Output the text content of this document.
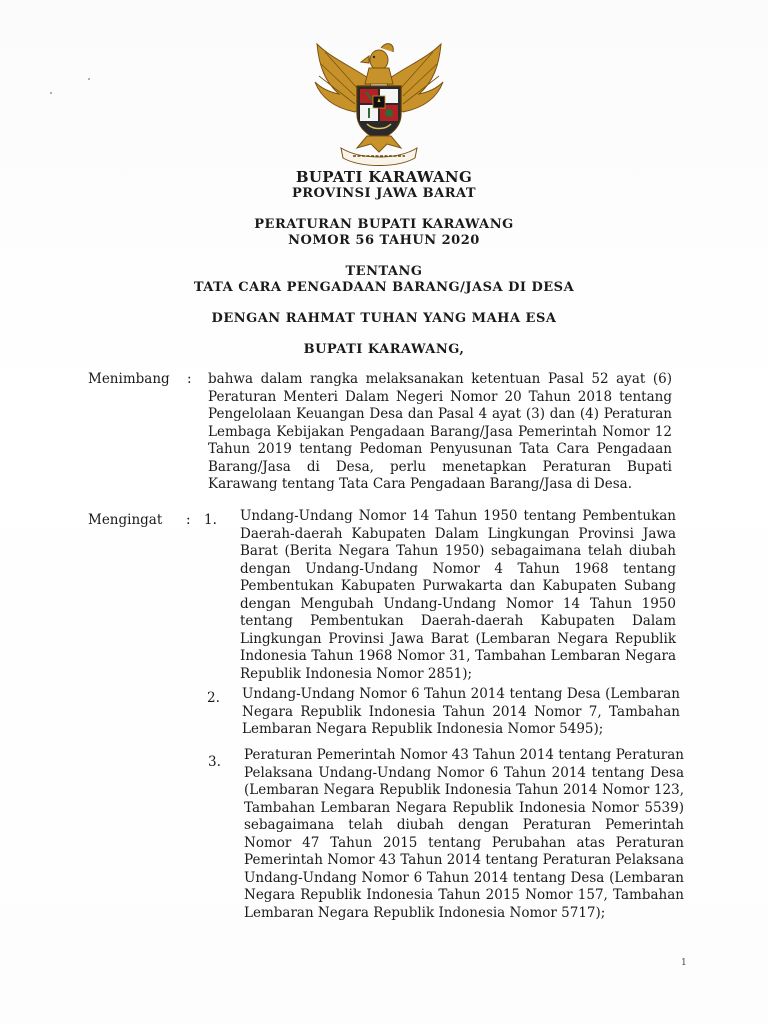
BUPATI KARAWANG
PROVINSI JAWA BARAT
PERATURAN BUPATI KARAWANG
NOMOR 56 TAHUN 2020
TENTANG
TATA CARA PENGADAAN BARANG/JASA DI DESA
DENGAN RAHMAT TUHAN YANG MAHA ESA
BUPATI KARAWANG,
Menimbang : bahwa dalam rangka melaksanakan ketentuan Pasal 52 ayat (6) Peraturan Menteri Dalam Negeri Nomor 20 Tahun 2018 tentang Pengelolaan Keuangan Desa dan Pasal 4 ayat (3) dan (4) Peraturan Lembaga Kebijakan Pengadaan Barang/Jasa Pemerintah Nomor 12 Tahun 2019 tentang Pedoman Penyusunan Tata Cara Pengadaan Barang/Jasa di Desa, perlu menetapkan Peraturan Bupati Karawang tentang Tata Cara Pengadaan Barang/Jasa di Desa.
Mengingat : 1. Undang-Undang Nomor 14 Tahun 1950 tentang Pembentukan Daerah-daerah Kabupaten Dalam Lingkungan Provinsi Jawa Barat (Berita Negara Tahun 1950) sebagaimana telah diubah dengan Undang-Undang Nomor 4 Tahun 1968 tentang Pembentukan Kabupaten Purwakarta dan Kabupaten Subang dengan Mengubah Undang-Undang Nomor 14 Tahun 1950 tentang Pembentukan Daerah-daerah Kabupaten Dalam Lingkungan Provinsi Jawa Barat (Lembaran Negara Republik Indonesia Tahun 1968 Nomor 31, Tambahan Lembaran Negara Republik Indonesia Nomor 2851);
2. Undang-Undang Nomor 6 Tahun 2014 tentang Desa (Lembaran Negara Republik Indonesia Tahun 2014 Nomor 7, Tambahan Lembaran Negara Republik Indonesia Nomor 5495);
3. Peraturan Pemerintah Nomor 43 Tahun 2014 tentang Peraturan Pelaksana Undang-Undang Nomor 6 Tahun 2014 tentang Desa (Lembaran Negara Republik Indonesia Tahun 2014 Nomor 123, Tambahan Lembaran Negara Republik Indonesia Nomor 5539) sebagaimana telah diubah dengan Peraturan Pemerintah Nomor 47 Tahun 2015 tentang Perubahan atas Peraturan Pemerintah Nomor 43 Tahun 2014 tentang Peraturan Pelaksana Undang-Undang Nomor 6 Tahun 2014 tentang Desa (Lembaran Negara Republik Indonesia Tahun 2015 Nomor 157, Tambahan Lembaran Negara Republik Indonesia Nomor 5717);
1
